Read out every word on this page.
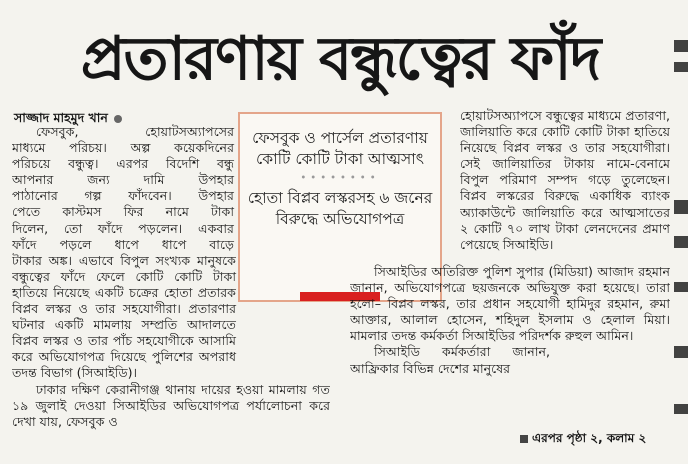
প্রতারণায় বন্ধুত্বের ফাঁদ
সাজ্জাদ মাহমুদ খান

ফেসবুক, হোয়াটসঅ্যাপসের

মাধ্যমে পরিচয়। অল্প কয়েকদিনের

পরিচয়ে বন্ধুত্ব। এরপর বিদেশি বন্ধু

আপনার জন্য দামি উপহার

পাঠানোর গল্প ফাঁদবেন। উপহার

পেতে কাস্টমস ফির নামে টাকা

দিলেন, তো ফাঁদে পড়লেন। একবার

ফাঁদে পড়লে ধাপে ধাপে বাড়ে

টাকার অঙ্ক। এভাবে বিপুল সংখ্যক মানুষকে বন্ধুত্বের ফাঁদে ফেলে কোটি কোটি টাকা হাতিয়ে নিয়েছে একটি চক্রের হোতা প্রতারক বিপ্লব লস্কর ও তার সহযোগীরা। প্রতারণার ঘটনার একটি মামলায় সম্প্রতি আদালতে বিপ্লব লস্কর ও তার পাঁচ সহযোগীকে আসামি করে অভিযোগপত্র দিয়েছে পুলিশের অপরাধ তদন্ত বিভাগ (সিআইডি)।

ঢাকার দক্ষিণ কেরানীগঞ্জ থানায় দায়ের হওয়া মামলায় গত ১৯ জুলাই দেওয়া সিআইডির অভিযোগপত্র পর্যালোচনা করে দেখা যায়, ফেসবুক ও

ফেসবুক ও পার্সেল প্রতারণায় কোটি কোটি টাকা আত্মসাৎ
••••••••
হোতা বিপ্লব লস্করসহ ৬ জনের বিরুদ্ধে অভিযোগপত্র

হোয়াটসঅ্যাপসে বন্ধুত্বের মাধ্যমে প্রতারণা, জালিয়াতি করে কোটি কোটি টাকা হাতিয়ে নিয়েছে বিপ্লব লস্কর ও তার সহযোগীরা। সেই জালিয়াতির টাকায় নামে-বেনামে বিপুল পরিমাণ সম্পদ গড়ে তুলেছেন। বিপ্লব লস্করের বিরুদ্ধে একাধিক ব্যাংক অ্যাকাউন্টে জালিয়াতি করে আত্মসাতের ২ কোটি ৭০ লাখ টাকা লেনদেনের প্রমাণ পেয়েছে সিআইডি।

সিআইডির অতিরিক্ত পুলিশ সুপার (মিডিয়া) আজাদ রহমান জানান, অভিযোগপত্রে ছয়জনকে অভিযুক্ত করা হয়েছে। তারা হলো– বিপ্লব লস্কর, তার প্রধান সহযোগী হামিদুর রহমান, রুমা আক্তার, আলাল হোসেন, শহিদুল ইসলাম ও হেলাল মিয়া। মামলার তদন্ত কর্মকর্তা সিআইডির পরিদর্শক রুহুল আমিন।

সিআইডি কর্মকর্তারা জানান, আফ্রিকার বিভিন্ন দেশের মানুষের

এরপর পৃষ্ঠা ২, কলাম ২
